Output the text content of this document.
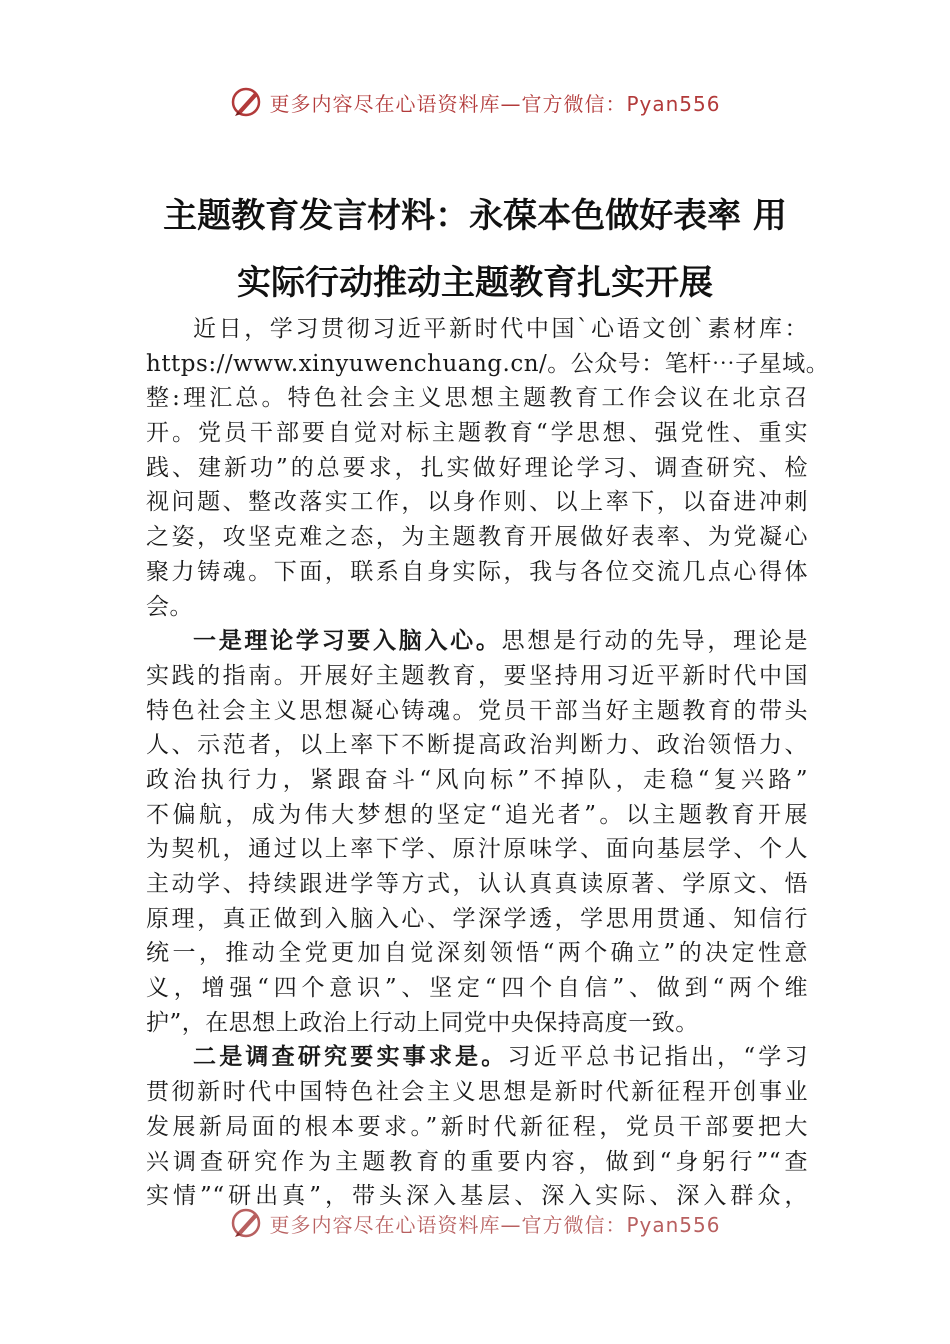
更多内容尽在心语资料库—官方微信：Pyan556
主题教育发言材料：永葆本色做好表率 用
实际行动推动主题教育扎实开展
近日，学习贯彻习近平新时代中国`心语文创`素材库：
https://www.xinyuwenchuang.cn/。公众号：笔杆⋯子星域。
整:理汇总。特色社会主义思想主题教育工作会议在北京召
开。党员干部要自觉对标主题教育“学思想、强党性、重实
践、建新功”的总要求，扎实做好理论学习、调查研究、检
视问题、整改落实工作，以身作则、以上率下，以奋进冲刺
之姿，攻坚克难之态，为主题教育开展做好表率、为党凝心
聚力铸魂。下面，联系自身实际，我与各位交流几点心得体
会。
一是理论学习要入脑入心。思想是行动的先导，理论是
实践的指南。开展好主题教育，要坚持用习近平新时代中国
特色社会主义思想凝心铸魂。党员干部当好主题教育的带头
人、示范者，以上率下不断提高政治判断力、政治领悟力、
政治执行力，紧跟奋斗“风向标”不掉队，走稳“复兴路”
不偏航，成为伟大梦想的坚定“追光者”。以主题教育开展
为契机，通过以上率下学、原汁原味学、面向基层学、个人
主动学、持续跟进学等方式，认认真真读原著、学原文、悟
原理，真正做到入脑入心、学深学透，学思用贯通、知信行
统一，推动全党更加自觉深刻领悟“两个确立”的决定性意
义，增强“四个意识”、坚定“四个自信”、做到“两个维
护”，在思想上政治上行动上同党中央保持高度一致。
二是调查研究要实事求是。习近平总书记指出，“学习
贯彻新时代中国特色社会主义思想是新时代新征程开创事业
发展新局面的根本要求。”新时代新征程，党员干部要把大
兴调查研究作为主题教育的重要内容，做到“身躬行”“查
实情”“研出真”，带头深入基层、深入实际、深入群众，
更多内容尽在心语资料库—官方微信：Pyan556
